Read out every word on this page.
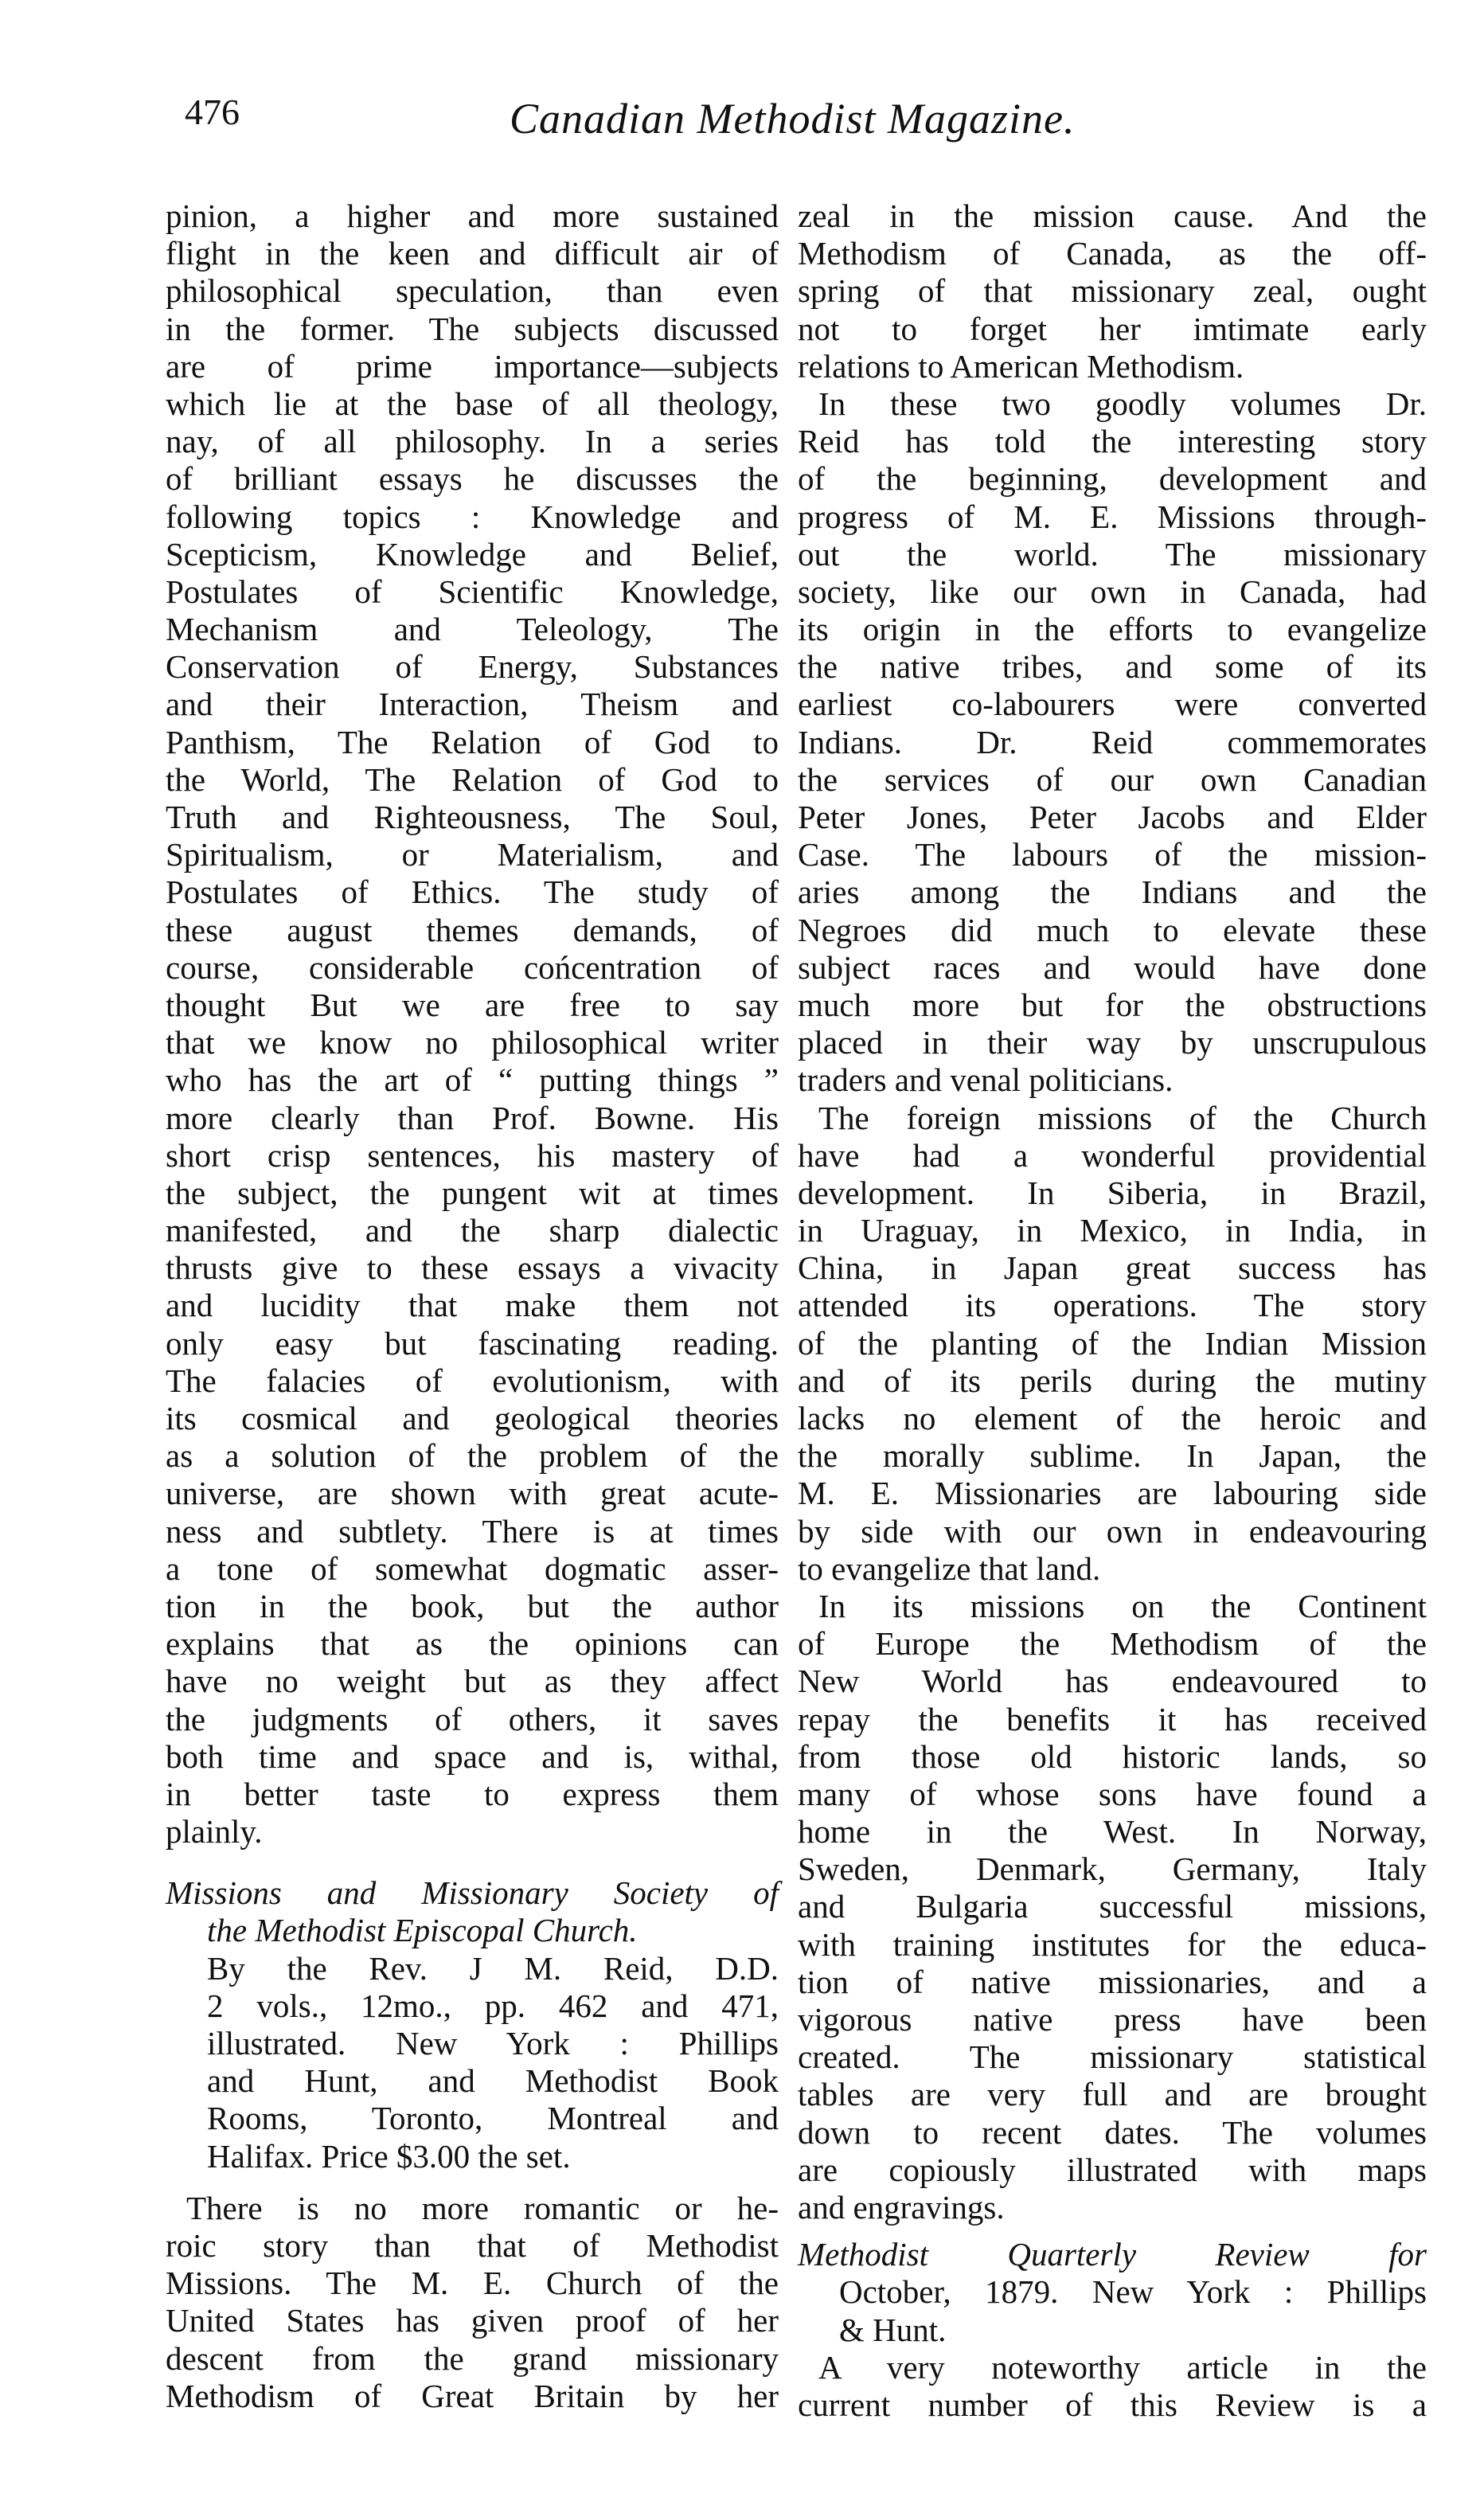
476	Canadian Methodist Magazine.
pinion, a higher and more sustained
flight in the keen and difficult air of
philosophical speculation, than even
in the former. The subjects discussed
are of prime importance—subjects
which lie at the base of all theology,
nay, of all philosophy. In a series
of brilliant essays he discusses the
following topics : Knowledge and
Scepticism, Knowledge and Belief,
Postulates of Scientific Knowledge,
Mechanism and Teleology, The
Conservation of Energy, Substances
and their Interaction, Theism and
Panthism, The Relation of God to
the World, The Relation of God to
Truth and Righteousness, The Soul,
Spiritualism, or Materialism, and
Postulates of Ethics. The study of
these august themes demands, of
course, considerable cońcentration of
thought But we are free to say
that we know no philosophical writer
who has the art of “ putting things ”
more clearly than Prof. Bowne. His
short crisp sentences, his mastery of
the subject, the pungent wit at times
manifested, and the sharp dialectic
thrusts give to these essays a vivacity
and lucidity that make them not
only easy but fascinating reading.
The falacies of evolutionism, with
its cosmical and geological theories
as a solution of the problem of the
universe, are shown with great acute-
ness and subtlety. There is at times
a tone of somewhat dogmatic asser-
tion in the book, but the author
explains that as the opinions can
have no weight but as they affect
the judgments of others, it saves
both time and space and is, withal,
in better taste to express them
plainly.
Missions and Missionary Society of
the Methodist Episcopal Church.
By the Rev. J M. Reid, D.D.
2 vols., 12mo., pp. 462 and 471,
illustrated. New York : Phillips
and Hunt, and Methodist Book
Rooms, Toronto, Montreal and
Halifax. Price $3.00 the set.
There is no more romantic or he-
roic story than that of Methodist
Missions. The M. E. Church of the
United States has given proof of her
descent from the grand missionary
Methodism of Great Britain by her
zeal in the mission cause. And the
Methodism of Canada, as the off-
spring of that missionary zeal, ought
not to forget her imtimate early
relations to American Methodism.
In these two goodly volumes Dr.
Reid has told the interesting story
of the beginning, development and
progress of M. E. Missions through-
out the world. The missionary
society, like our own in Canada, had
its origin in the efforts to evangelize
the native tribes, and some of its
earliest co-labourers were converted
Indians. Dr. Reid commemorates
the services of our own Canadian
Peter Jones, Peter Jacobs and Elder
Case. The labours of the mission-
aries among the Indians and the
Negroes did much to elevate these
subject races and would have done
much more but for the obstructions
placed in their way by unscrupulous
traders and venal politicians.
The foreign missions of the Church
have had a wonderful providential
development. In Siberia, in Brazil,
in Uraguay, in Mexico, in India, in
China, in Japan great success has
attended its operations. The story
of the planting of the Indian Mission
and of its perils during the mutiny
lacks no element of the heroic and
the morally sublime. In Japan, the
M. E. Missionaries are labouring side
by side with our own in endeavouring
to evangelize that land.
In its missions on the Continent
of Europe the Methodism of the
New World has endeavoured to
repay the benefits it has received
from those old historic lands, so
many of whose sons have found a
home in the West. In Norway,
Sweden, Denmark, Germany, Italy
and Bulgaria successful missions,
with training institutes for the educa-
tion of native missionaries, and a
vigorous native press have been
created. The missionary statistical
tables are very full and are brought
down to recent dates. The volumes
are copiously illustrated with maps
and engravings.
Methodist Quarterly Review for
October, 1879. New York : Phillips
& Hunt.
A very noteworthy article in the
current number of this Review is a
